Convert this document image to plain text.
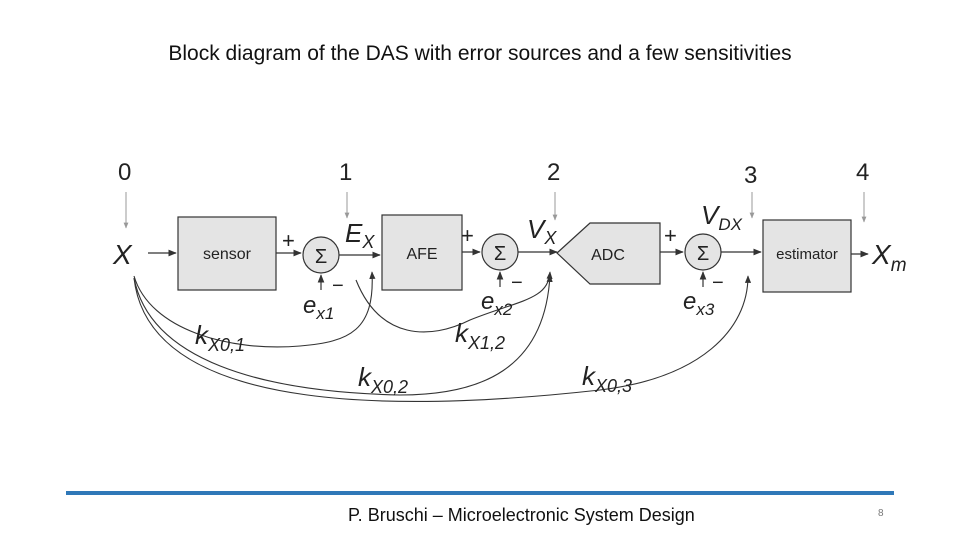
Block diagram of the DAS with error sources and a few sensitivities
0	1	2	3	4
sensor	AFE	ADC	estimator
Σ	Σ	Σ
+
−
+
−
+
−
X
$E_X$	$V_X$
$V_{DX}$
$X_m$
$e_{x1}$	$e_{x2}$	$e_{x3}$
$k_{X0,1}$	$k_{X1,2}$
$k_{X0,2}$	$k_{X0,3}$
P. Bruschi – Microelectronic System Design	8
